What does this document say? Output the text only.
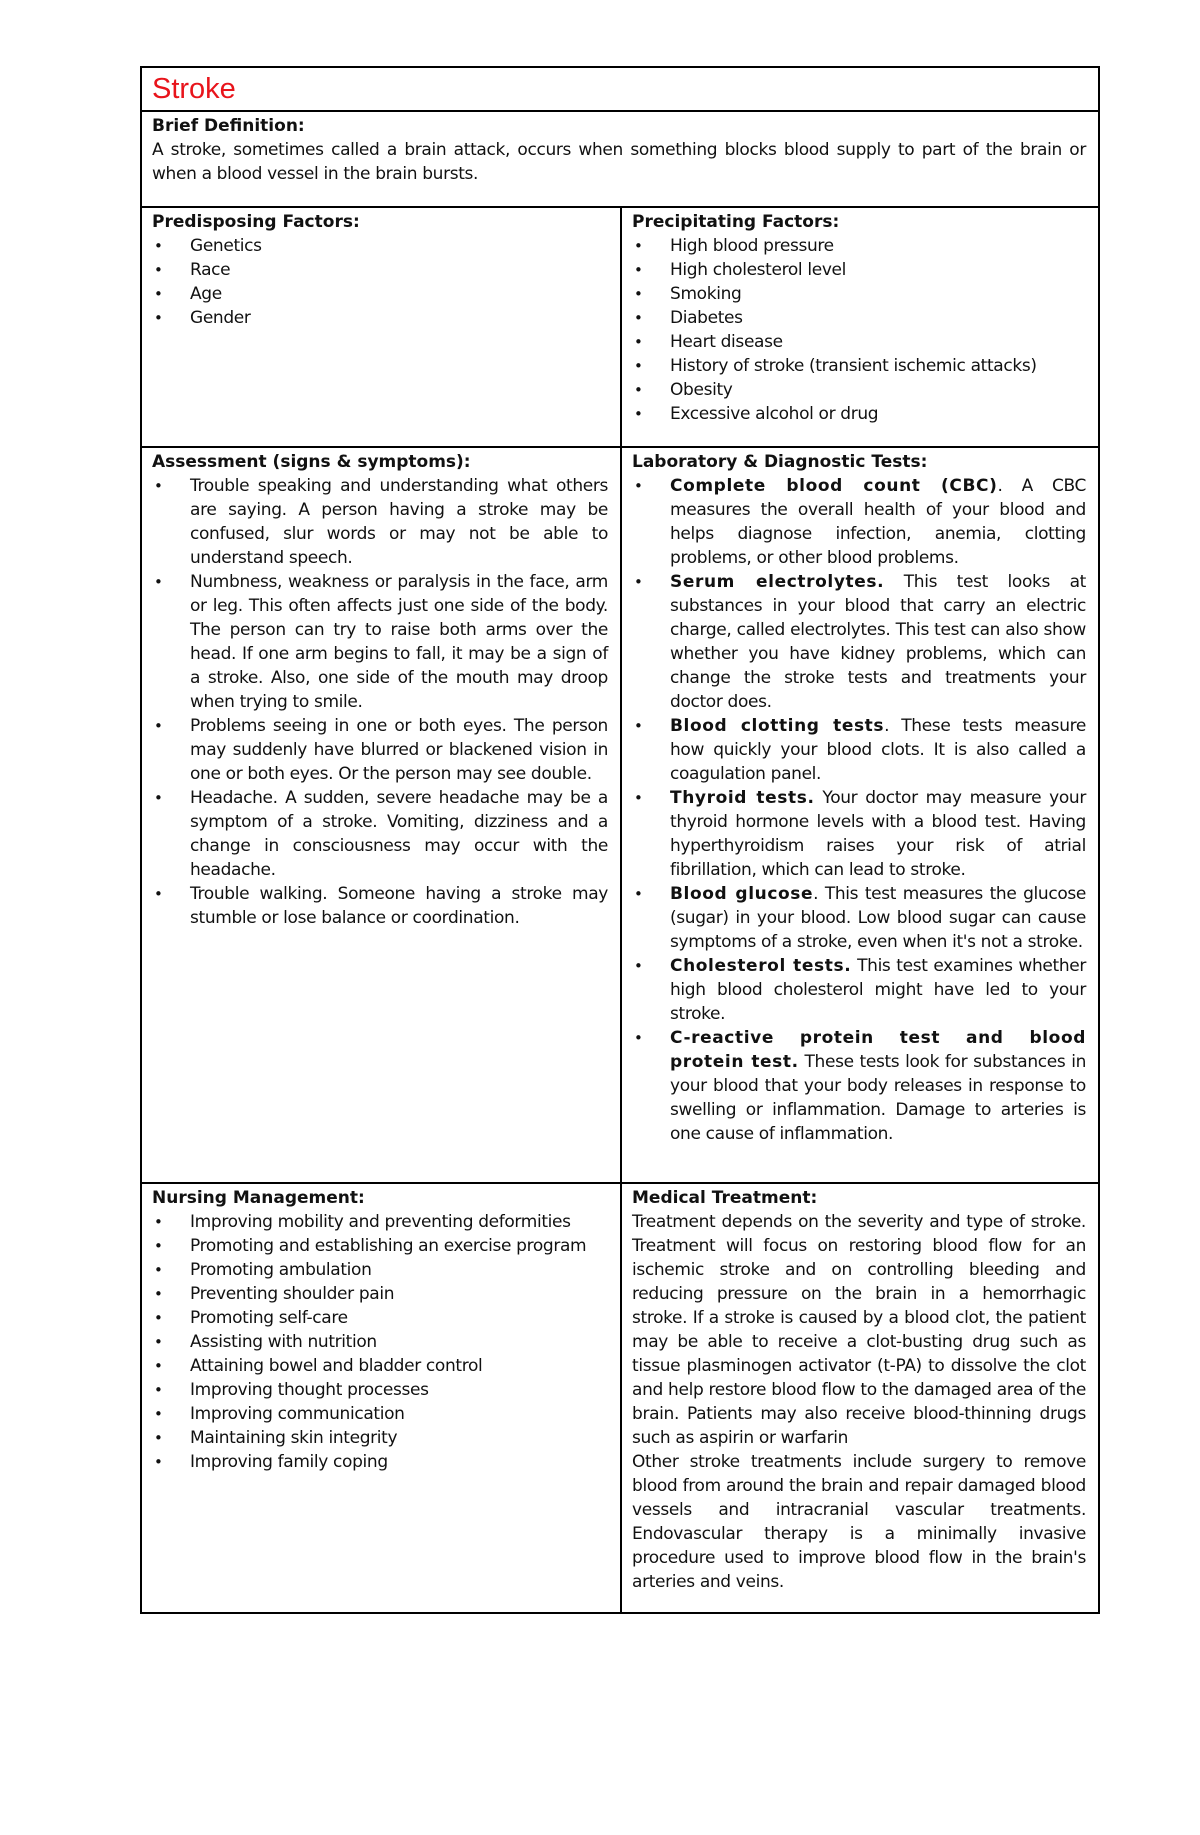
Stroke
Brief Definition:
A stroke, sometimes called a brain attack, occurs when something blocks blood supply to part of the brain or when a blood vessel in the brain bursts.
Predisposing Factors:
• Genetics
• Race
• Age
• Gender
Precipitating Factors:
• High blood pressure
• High cholesterol level
• Smoking
• Diabetes
• Heart disease
• History of stroke (transient ischemic attacks)
• Obesity
• Excessive alcohol or drug
Assessment (signs & symptoms):
• Trouble speaking and understanding what others are saying. A person having a stroke may be confused, slur words or may not be able to understand speech.
• Numbness, weakness or paralysis in the face, arm or leg. This often affects just one side of the body. The person can try to raise both arms over the head. If one arm begins to fall, it may be a sign of a stroke. Also, one side of the mouth may droop when trying to smile.
• Problems seeing in one or both eyes. The person may suddenly have blurred or blackened vision in one or both eyes. Or the person may see double.
• Headache. A sudden, severe headache may be a symptom of a stroke. Vomiting, dizziness and a change in consciousness may occur with the headache.
• Trouble walking. Someone having a stroke may stumble or lose balance or coordination.
Laboratory & Diagnostic Tests:
• Complete blood count (CBC). A CBC measures the overall health of your blood and helps diagnose infection, anemia, clotting problems, or other blood problems.
• Serum electrolytes. This test looks at substances in your blood that carry an electric charge, called electrolytes. This test can also show whether you have kidney problems, which can change the stroke tests and treatments your doctor does.
• Blood clotting tests. These tests measure how quickly your blood clots. It is also called a coagulation panel.
• Thyroid tests. Your doctor may measure your thyroid hormone levels with a blood test. Having hyperthyroidism raises your risk of atrial fibrillation, which can lead to stroke.
• Blood glucose. This test measures the glucose (sugar) in your blood. Low blood sugar can cause symptoms of a stroke, even when it's not a stroke.
• Cholesterol tests. This test examines whether high blood cholesterol might have led to your stroke.
• C-reactive protein test and blood protein test. These tests look for substances in your blood that your body releases in response to swelling or inflammation. Damage to arteries is one cause of inflammation.
Nursing Management:
• Improving mobility and preventing deformities
• Promoting and establishing an exercise program
• Promoting ambulation
• Preventing shoulder pain
• Promoting self-care
• Assisting with nutrition
• Attaining bowel and bladder control
• Improving thought processes
• Improving communication
• Maintaining skin integrity
• Improving family coping
Medical Treatment:

Treatment depends on the severity and type of stroke. Treatment will focus on restoring blood flow for an ischemic stroke and on controlling bleeding and reducing pressure on the brain in a hemorrhagic stroke. If a stroke is caused by a blood clot, the patient may be able to receive a clot-busting drug such as tissue plasminogen activator (t-PA) to dissolve the clot and help restore blood flow to the damaged area of the brain. Patients may also receive blood-thinning drugs such as aspirin or warfarin

Other stroke treatments include surgery to remove blood from around the brain and repair damaged blood vessels and intracranial vascular treatments. Endovascular therapy is a minimally invasive procedure used to improve blood flow in the brain's arteries and veins.
